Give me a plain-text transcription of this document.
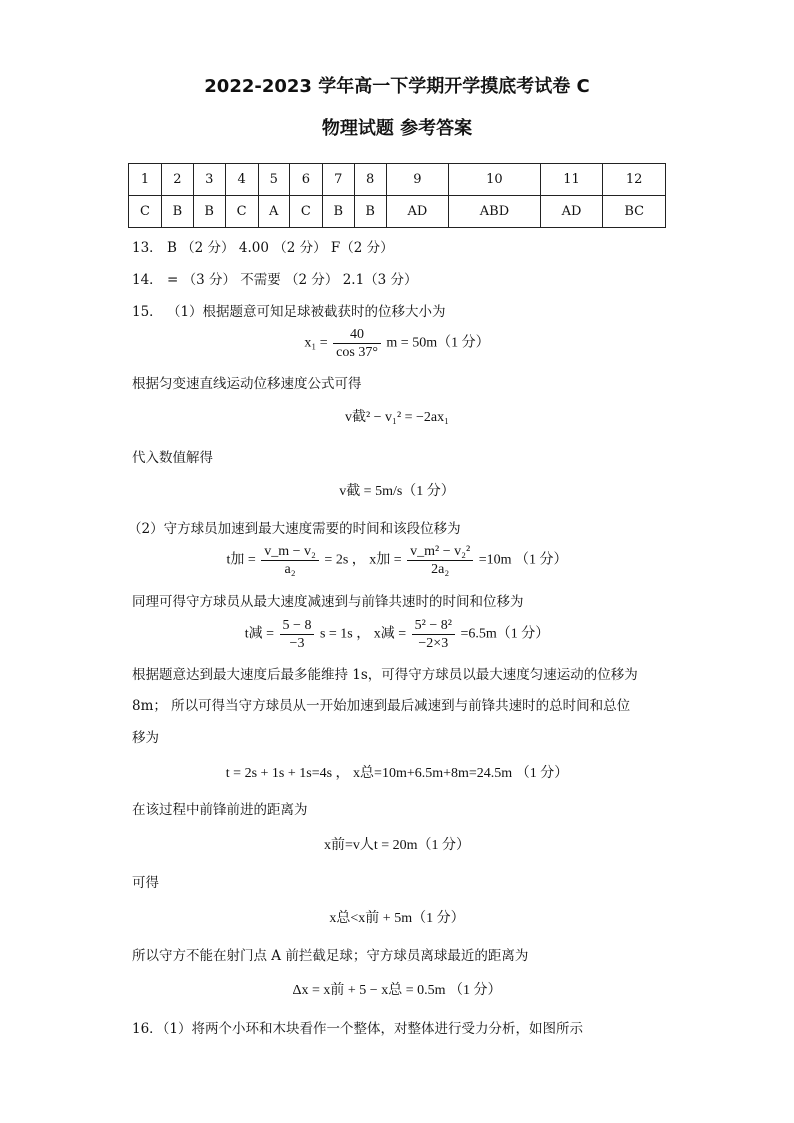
2022-2023 学年高一下学期开学摸底考试卷 C
物理试题 参考答案
1	2	3	4	5	6	7	8	9	10	11	12
C	B	B	C	A	C	B	B	AD	ABD	AD	BC
13． B （2 分） 4.00 （2 分） F（2 分）
14． = （3 分） 不需要 （2 分） 2.1（3 分）
15． （1）根据题意可知足球被截获时的位移大小为
$x_1 = \frac{40}{\cos 37^\circ}$ m = 50m（1 分）
根据匀变速直线运动位移速度公式可得
v截² − v₁² = −2ax₁
代入数值解得
v截 = 5m/s（1 分）
（2）守方球员加速到最大速度需要的时间和该段位移为
t加 = $\frac{\text{v\_m − v₂}}{\text{a₂}} = 2s$ ， x加 = $\frac{\text{v\_m² − v₂²}}{\text{2a₂}} =10m$ （1 分）
同理可得守方球员从最大速度减速到与前锋共速时的时间和位移为
t减 = $\frac{5 - 8}{-3}$ s = 1s ， x减 = $\frac{\text{5² − 8²}}{-2\times 3} =6.5m(1$ 分）
根据题意达到最大速度后最多能维持 1s，可得守方球员以最大速度匀速运动的位移为
8m； 所以可得当守方球员从一开始加速到最后减速到与前锋共速时的总时间和总位
移为
t = 2s + 1s + 1s=4s ， x总=10m+6.5m+8m=24.5m （1 分）
在该过程中前锋前进的距离为
x前=v人t = 20m（1 分）
可得
x总<x前 + 5m（1 分）
所以守方不能在射门点 A 前拦截足球；守方球员离球最近的距离为
Δx = x前 + 5 − x总 = 0.5m （1 分）
16．（1）将两个小环和木块看作一个整体，对整体进行受力分析，如图所示
